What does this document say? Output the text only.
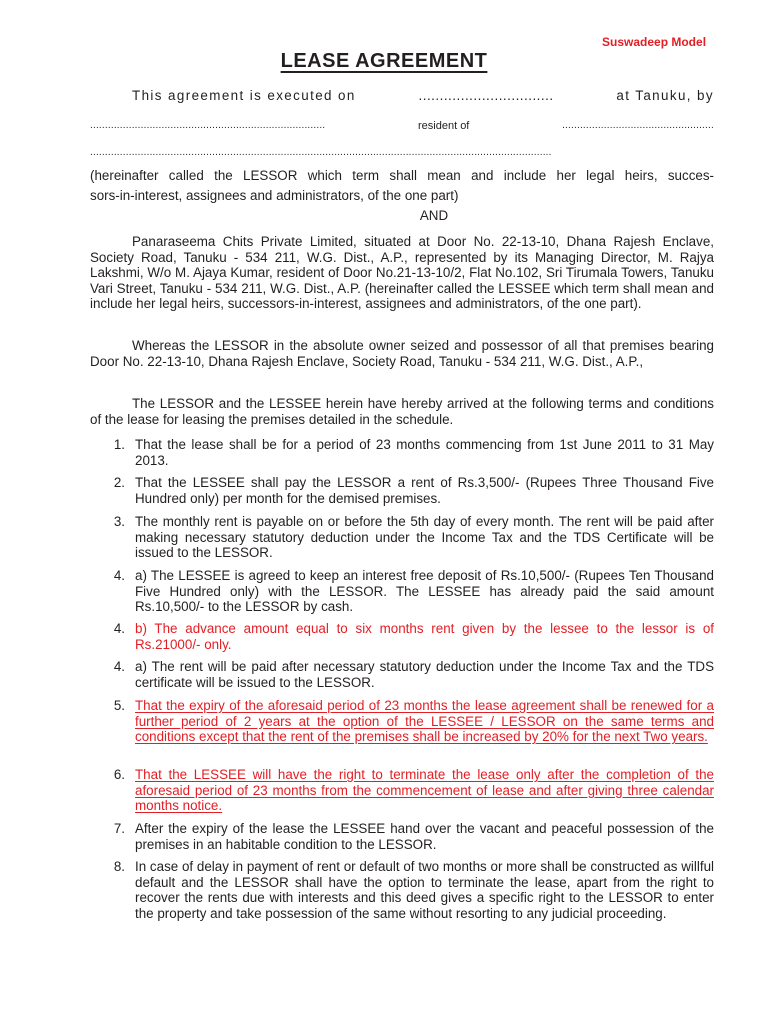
Suswadeep Model
LEASE AGREEMENT
This agreement is executed on	................................	at Tanuku, by
...............................................................................	resident of	...................................................
...........................................................................................................................................................
(hereinafter called the LESSOR which term shall mean and include her legal heirs, succes-
sors-in-interest, assignees and administrators, of the one part)
AND
Panaraseema Chits Private Limited, situated at Door No. 22-13-10, Dhana Rajesh Enclave, Society Road, Tanuku - 534 211, W.G. Dist., A.P., represented by its Managing Director, M. Rajya Lakshmi, W/o M. Ajaya Kumar, resident of Door No.21-13-10/2, Flat No.102, Sri Tirumala Towers, Tanuku Vari Street, Tanuku - 534 211, W.G. Dist., A.P. (hereinafter called the LESSEE which term shall mean and include her legal heirs, successors-in-interest, assignees and administrators, of the one part).
Whereas the LESSOR in the absolute owner seized and possessor of all that premises bearing Door No. 22-13-10, Dhana Rajesh Enclave, Society Road, Tanuku - 534 211, W.G. Dist., A.P.,
The LESSOR and the LESSEE herein have hereby arrived at the following terms and conditions of the lease for leasing the premises detailed in the schedule.
1. That the lease shall be for a period of 23 months commencing from 1st June 2011 to 31 May 2013.
2. That the LESSEE shall pay the LESSOR a rent of Rs.3,500/- (Rupees Three Thousand Five Hundred only) per month for the demised premises.
3. The monthly rent is payable on or before the 5th day of every month. The rent will be paid after making necessary statutory deduction under the Income Tax and the TDS Certificate will be issued to the LESSOR.
4. a) The LESSEE is agreed to keep an interest free deposit of Rs.10,500/- (Rupees Ten Thousand Five Hundred only) with the LESSOR. The LESSEE has already paid the said amount Rs.10,500/- to the LESSOR by cash.
4. b) The advance amount equal to six months rent given by the lessee to the lessor is of Rs.21000/- only.
4. a) The rent will be paid after necessary statutory deduction under the Income Tax and the TDS certificate will be issued to the LESSOR.
5. That the expiry of the aforesaid period of 23 months the lease agreement shall be renewed for a further period of 2 years at the option of the LESSEE / LESSOR on the same terms and conditions except that the rent of the premises shall be increased by 20% for the next Two years.
6. That the LESSEE will have the right to terminate the lease only after the completion of the aforesaid period of 23 months from the commencement of lease and after giving three calendar months notice.
7. After the expiry of the lease the LESSEE hand over the vacant and peaceful possession of the premises in an habitable condition to the LESSOR.
8. In case of delay in payment of rent or default of two months or more shall be constructed as willful default and the LESSOR shall have the option to terminate the lease, apart from the right to recover the rents due with interests and this deed gives a specific right to the LESSOR to enter the property and take possession of the same without resorting to any judicial proceeding.
